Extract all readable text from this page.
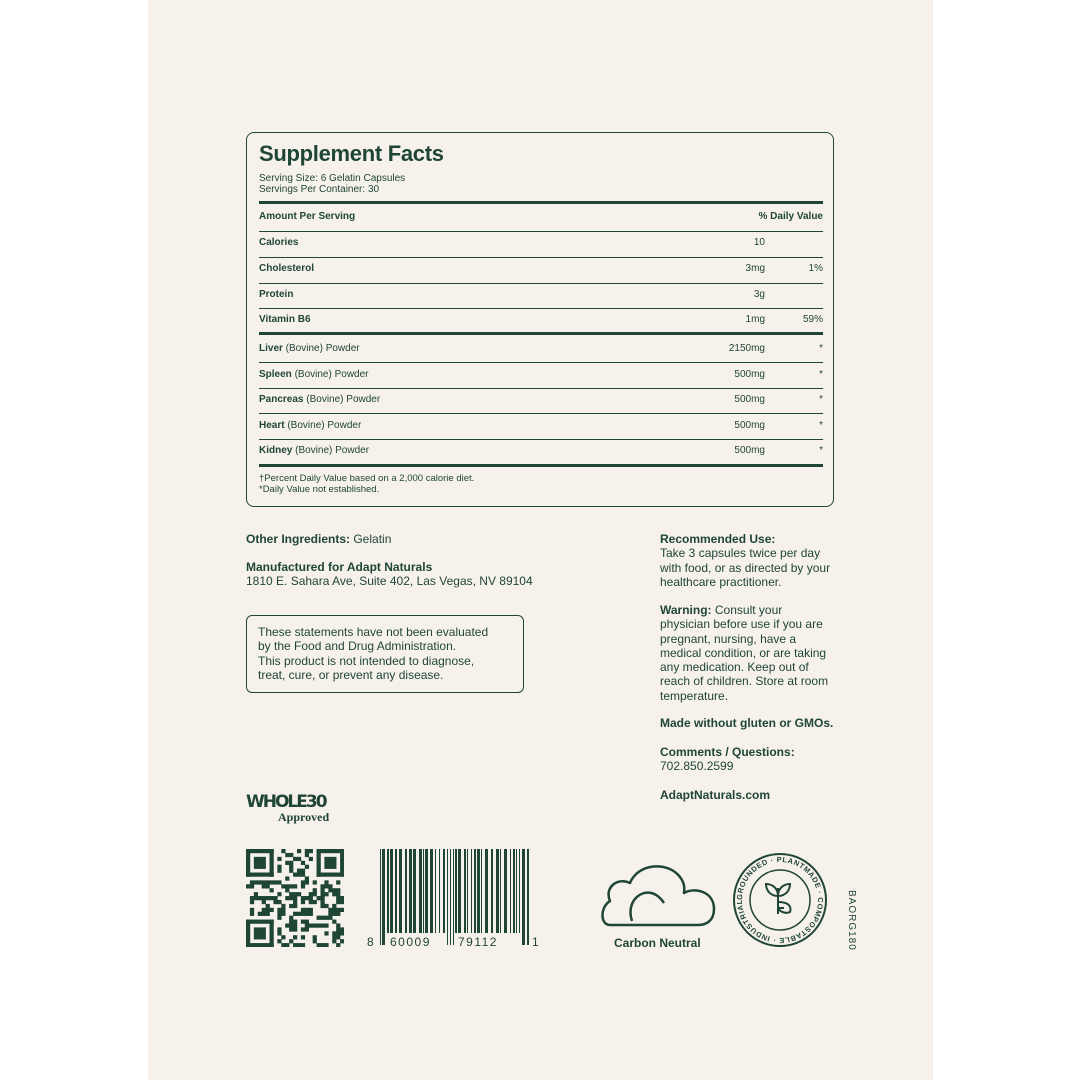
Supplement Facts
Serving Size: 6 Gelatin Capsules
Servings Per Container: 30
Amount Per Serving	% Daily Value
Calories	10
Cholesterol	3mg	1%
Protein	3g
Vitamin B6	1mg	59%
Liver (Bovine) Powder	2150mg	*
Spleen (Bovine) Powder	500mg	*
Pancreas (Bovine) Powder	500mg	*
Heart (Bovine) Powder	500mg	*
Kidney (Bovine) Powder	500mg	*
†Percent Daily Value based on a 2,000 calorie diet.
*Daily Value not established.
Other Ingredients: Gelatin
Manufactured for Adapt Naturals
1810 E. Sahara Ave, Suite 402, Las Vegas, NV 89104
These statements have not been evaluated
by the Food and Drug Administration.
This product is not intended to diagnose,
treat, cure, or prevent any disease.
Recommended Use:
Take 3 capsules twice per day
with food, or as directed by your
healthcare practitioner.
Warning: Consult your
physician before use if you are
pregnant, nursing, have a
medical condition, or are taking
any medication. Keep out of
reach of children. Store at room
temperature.
Made without gluten or GMOs.
Comments / Questions:
702.850.2599
AdaptNaturals.com
WHOLE30
Approved
8 60009 79112	1	Carbon Neutral
GROUNDED · PLANTMADE · COMPOSTABLE · INDUSTRIAL	BAORG180
